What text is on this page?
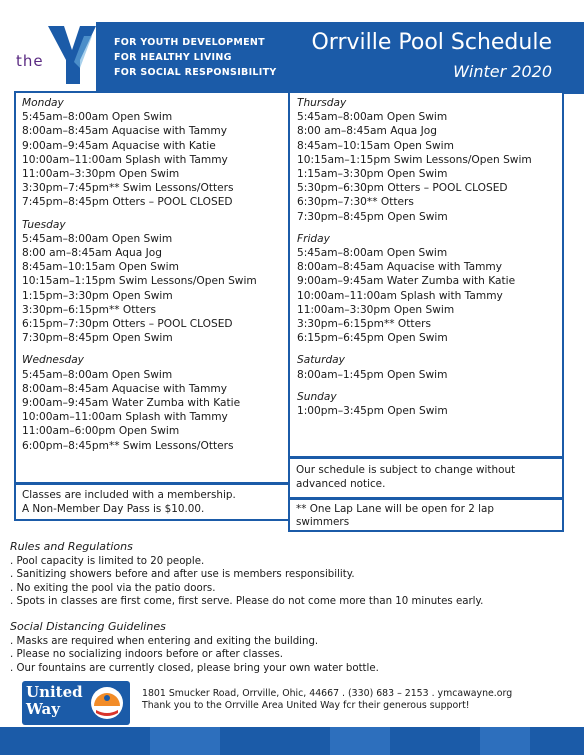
the
FOR YOUTH DEVELOPMENT
FOR HEALTHY LIVING
FOR SOCIAL RESPONSIBILITY
Orrville Pool Schedule
Winter 2020
Monday
5:45am–8:00am Open Swim
8:00am–8:45am Aquacise with Tammy
9:00am–9:45am Aquacise with Katie
10:00am–11:00am Splash with Tammy
11:00am–3:30pm Open Swim
3:30pm–7:45pm** Swim Lessons/Otters
7:45pm–8:45pm Otters – POOL CLOSED
Tuesday
5:45am–8:00am Open Swim
8:00 am–8:45am Aqua Jog
8:45am–10:15am Open Swim
10:15am–1:15pm Swim Lessons/Open Swim
1:15pm–3:30pm Open Swim
3:30pm–6:15pm** Otters
6:15pm–7:30pm Otters – POOL CLOSED
7:30pm–8:45pm Open Swim
Wednesday
5:45am–8:00am Open Swim
8:00am–8:45am Aquacise with Tammy
9:00am–9:45am Water Zumba with Katie
10:00am–11:00am Splash with Tammy
11:00am–6:00pm Open Swim
6:00pm–8:45pm** Swim Lessons/Otters
Thursday
5:45am–8:00am Open Swim
8:00 am–8:45am Aqua Jog
8:45am–10:15am Open Swim
10:15am–1:15pm Swim Lessons/Open Swim
1:15am–3:30pm Open Swim
5:30pm–6:30pm Otters – POOL CLOSED
6:30pm–7:30** Otters
7:30pm–8:45pm Open Swim
Friday
5:45am–8:00am Open Swim
8:00am–8:45am Aquacise with Tammy
9:00am–9:45am Water Zumba with Katie
10:00am–11:00am Splash with Tammy
11:00am–3:30pm Open Swim
3:30pm–6:15pm** Otters
6:15pm–6:45pm Open Swim
Saturday
8:00am–1:45pm Open Swim
Sunday
1:00pm–3:45pm Open Swim
Classes are included with a membership.
A Non-Member Day Pass is $10.00.
Our schedule is subject to change without advanced notice.
** One Lap Lane will be open for 2 lap swimmers
Rules and Regulations
. Pool capacity is limited to 20 people.
. Sanitizing showers before and after use is members responsibility.
. No exiting the pool via the patio doors.
. Spots in classes are first come, first serve. Please do not come more than 10 minutes early.
Social Distancing Guidelines
. Masks are required when entering and exiting the building.
. Please no socializing indoors before or after classes.
. Our fountains are currently closed, please bring your own water bottle.
United
Way
1801 Smucker Road, Orrville, Ohic, 44667 . (330) 683 – 2153 . ymcawayne.org
Thank you to the Orrville Area United Way fcr their generous support!
